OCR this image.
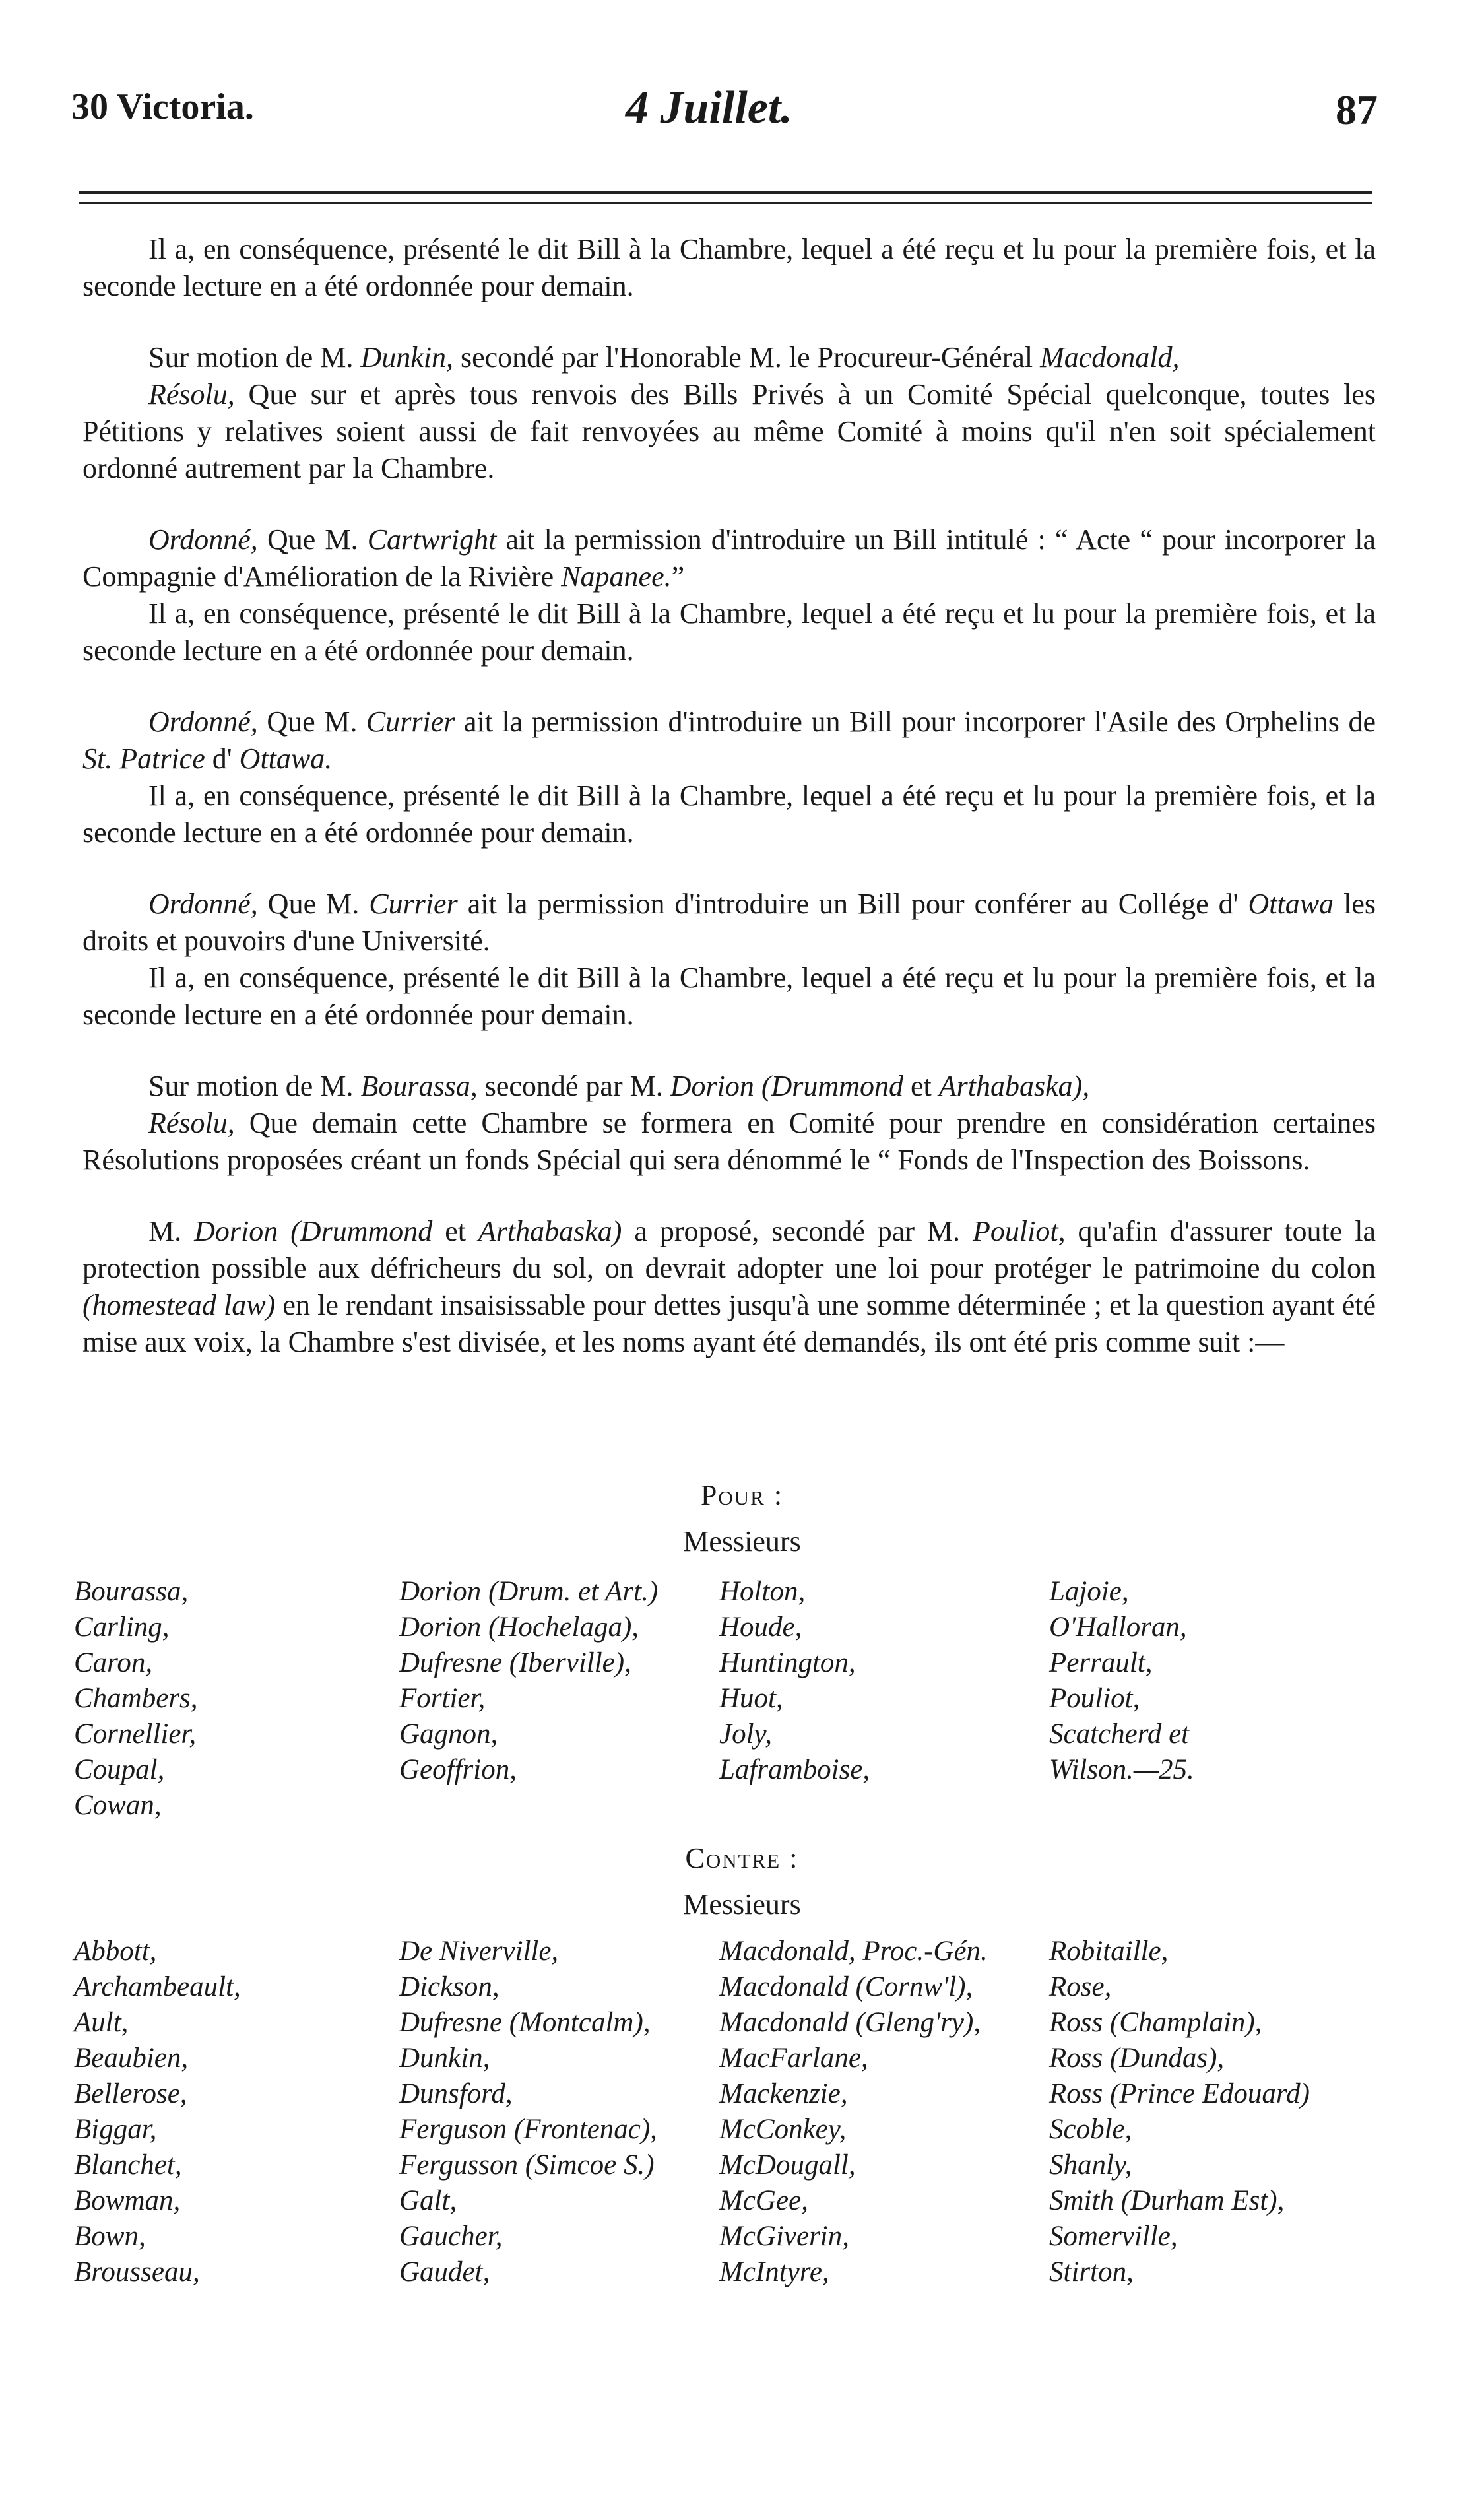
30 Victoria.	4 Juillet.	87

Il a, en conséquence, présenté le dit Bill à la Chambre, lequel a été reçu et lu pour la première fois, et la seconde lecture en a été ordonnée pour demain.

Sur motion de M. Dunkin, secondé par l'Honorable M. le Procureur-Général Macdonald,

Résolu, Que sur et après tous renvois des Bills Privés à un Comité Spécial quelconque, toutes les Pétitions y relatives soient aussi de fait renvoyées au même Comité à moins qu'il n'en soit spécialement ordonné autrement par la Chambre.

Ordonné, Que M. Cartwright ait la permission d'introduire un Bill intitulé : “ Acte “ pour incorporer la Compagnie d'Amélioration de la Rivière Napanee.”

Il a, en conséquence, présenté le dit Bill à la Chambre, lequel a été reçu et lu pour la première fois, et la seconde lecture en a été ordonnée pour demain.

Ordonné, Que M. Currier ait la permission d'introduire un Bill pour incorporer l'Asile des Orphelins de St. Patrice d' Ottawa.

Il a, en conséquence, présenté le dit Bill à la Chambre, lequel a été reçu et lu pour la première fois, et la seconde lecture en a été ordonnée pour demain.

Ordonné, Que M. Currier ait la permission d'introduire un Bill pour conférer au Collége d' Ottawa les droits et pouvoirs d'une Université.

Il a, en conséquence, présenté le dit Bill à la Chambre, lequel a été reçu et lu pour la première fois, et la seconde lecture en a été ordonnée pour demain.

Sur motion de M. Bourassa, secondé par M. Dorion (Drummond et Arthabaska),

Résolu, Que demain cette Chambre se formera en Comité pour prendre en considération certaines Résolutions proposées créant un fonds Spécial qui sera dénommé le “ Fonds de l'Inspection des Boissons.

M. Dorion (Drummond et Arthabaska) a proposé, secondé par M. Pouliot, qu'afin d'assurer toute la protection possible aux défricheurs du sol, on devrait adopter une loi pour protéger le patrimoine du colon (homestead law) en le rendant insaisissable pour dettes jusqu'à une somme déterminée ; et la question ayant été mise aux voix, la Chambre s'est divisée, et les noms ayant été demandés, ils ont été pris comme suit :—

Pour :
Messieurs
Bourassa,
Carling,
Caron,
Chambers,
Cornellier,
Coupal,
Cowan,
Dorion (Drum. et Art.)
Dorion (Hochelaga),
Dufresne (Iberville),
Fortier,
Gagnon,
Geoffrion,
Holton,
Houde,
Huntington,
Huot,
Joly,
Laframboise,
Lajoie,
O'Halloran,
Perrault,
Pouliot,
Scatcherd et
Wilson.—25.
Contre :
Messieurs
Abbott,
Archambeault,
Ault,
Beaubien,
Bellerose,
Biggar,
Blanchet,
Bowman,
Bown,
Brousseau,
De Niverville,
Dickson,
Dufresne (Montcalm),
Dunkin,
Dunsford,
Ferguson (Frontenac),
Fergusson (Simcoe S.)
Galt,
Gaucher,
Gaudet,
Macdonald, Proc.-Gén.
Macdonald (Cornw'l),
Macdonald (Gleng'ry),
MacFarlane,
Mackenzie,
McConkey,
McDougall,
McGee,
McGiverin,
McIntyre,
Robitaille,
Rose,
Ross (Champlain),
Ross (Dundas),
Ross (Prince Edouard)
Scoble,
Shanly,
Smith (Durham Est),
Somerville,
Stirton,
